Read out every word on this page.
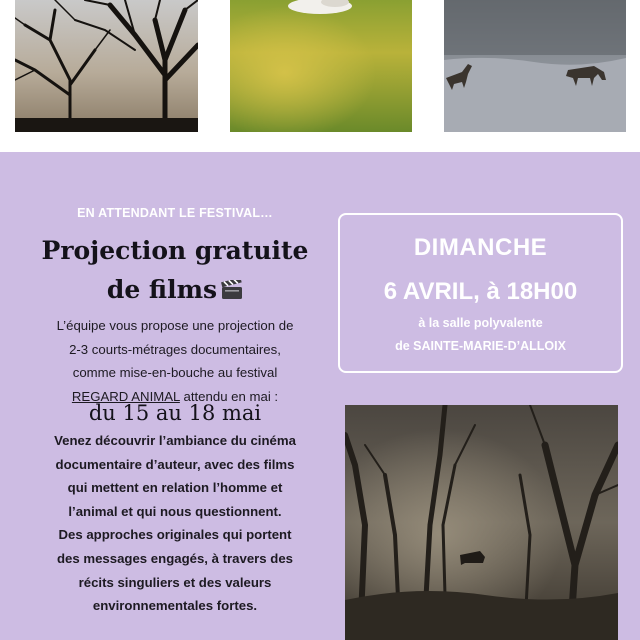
EN ATTENDANT LE FESTIVAL…
Projection gratuite
de films
L’équipe vous propose une projection de
2-3 courts-métrages documentaires,
comme mise-en-bouche au festival
REGARD ANIMAL attendu en mai :
du 15 au 18 mai
Venez découvrir l’ambiance du cinéma
documentaire d’auteur, avec des films
qui mettent en relation l’homme et
l’animal et qui nous questionnent.
Des approches originales qui portent
des messages engagés, à travers des
récits singuliers et des valeurs
environnementales fortes.
DIMANCHE
6 AVRIL, à 18H00
à la salle polyvalente
de SAINTE-MARIE-D’ALLOIX
